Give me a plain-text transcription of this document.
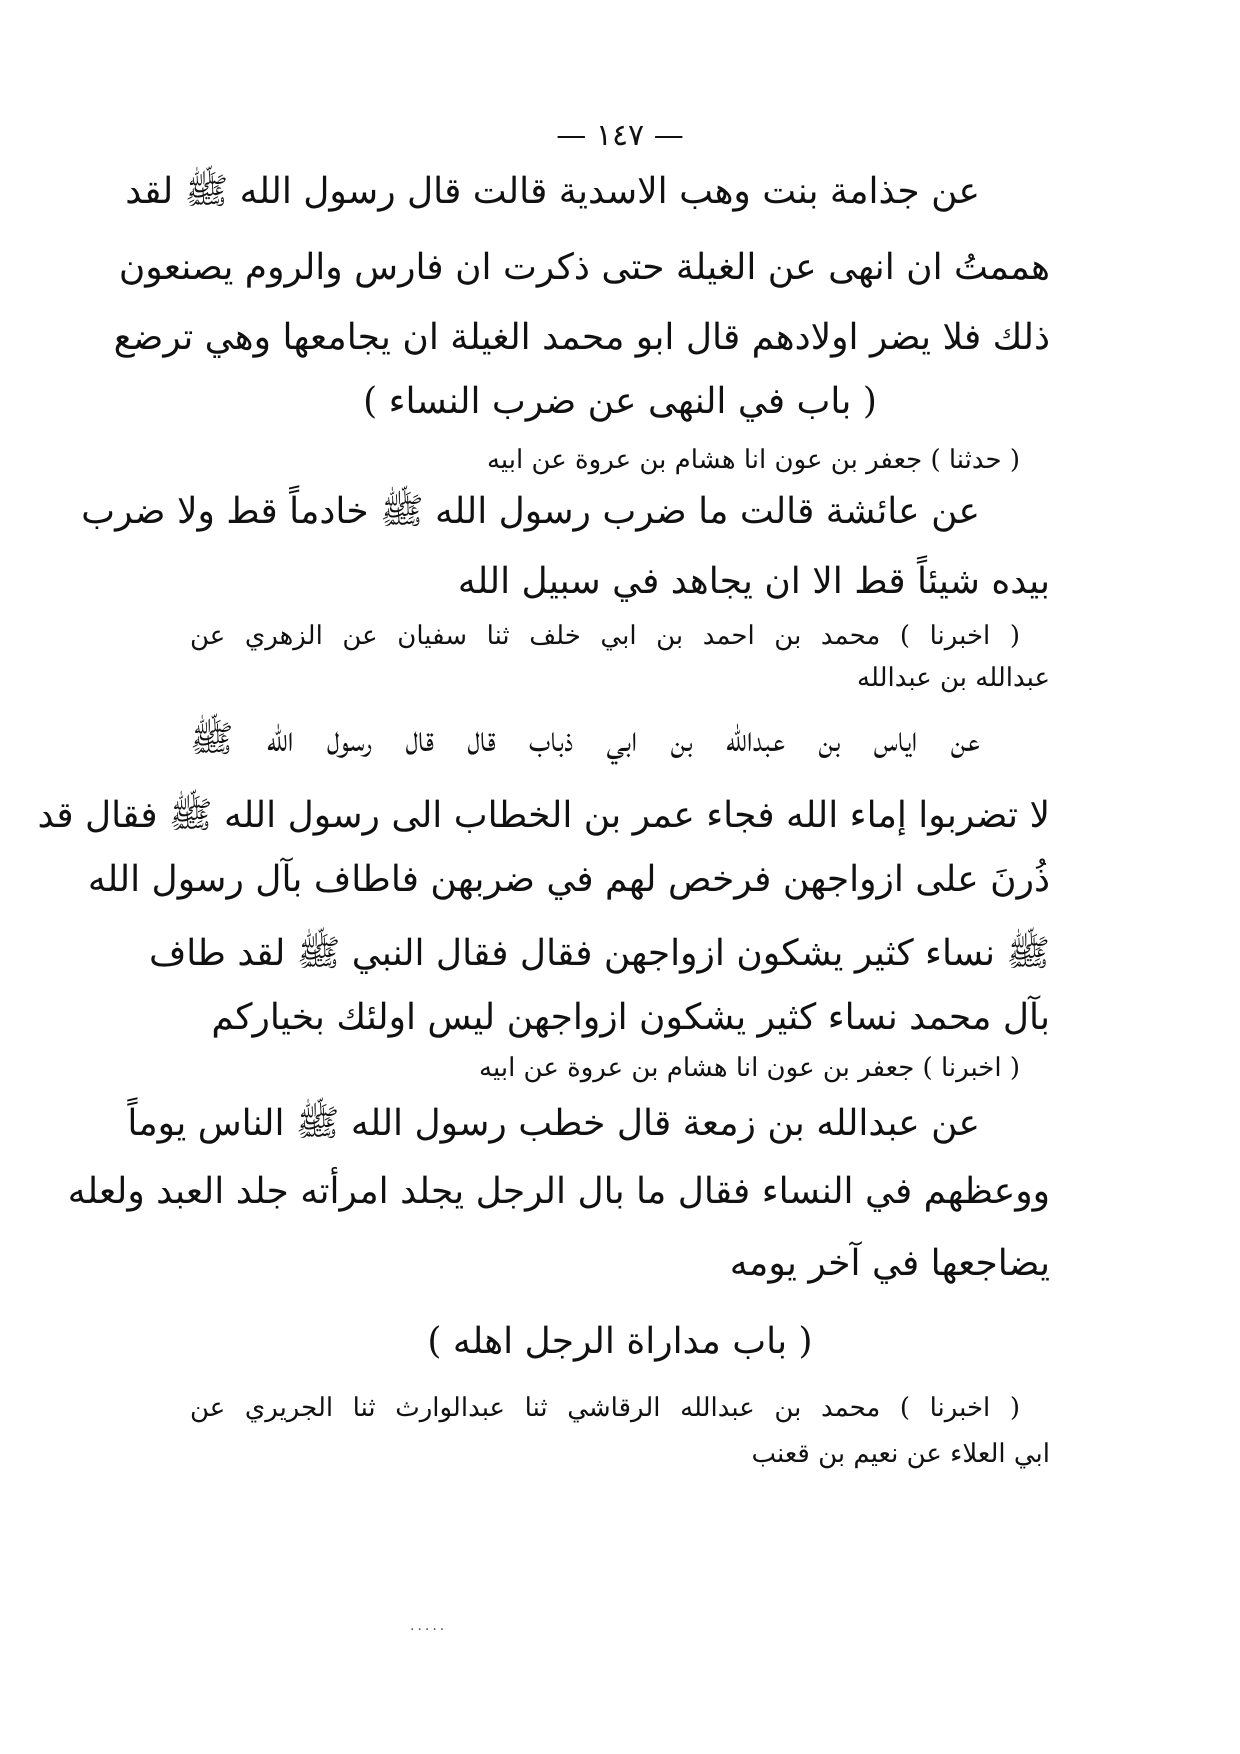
— ١٤٧ —
عن جذامة بنت وهب الاسدية قالت قال رسول الله ﷺ لقد
هممتُ ان انهى عن الغيلة حتى ذكرت ان فارس والروم يصنعون
ذلك فلا يضر اولادهم قال ابو محمد الغيلة ان يجامعها وهي ترضع
( باب في النهى عن ضرب النساء )
( حدثنا ) جعفر بن عون انا هشام بن عروة عن ابيه
عن عائشة قالت ما ضرب رسول الله ﷺ خادماً قط ولا ضرب
بيده شيئاً قط الا ان يجاهد في سبيل الله
( اخبرنا ) محمد بن احمد بن ابي خلف ثنا سفيان عن الزهري عن
عبدالله بن عبدالله
عن اياس بن عبدالله بن ابي ذباب قال قال رسول الله ﷺ
لا تضربوا إماء الله فجاء عمر بن الخطاب الى رسول الله ﷺ فقال قد
ذُرنَ على ازواجهن فرخص لهم في ضربهن فاطاف بآل رسول الله
ﷺ نساء كثير يشكون ازواجهن فقال فقال النبي ﷺ لقد طاف
بآل محمد نساء كثير يشكون ازواجهن ليس اولئك بخياركم
( اخبرنا ) جعفر بن عون انا هشام بن عروة عن ابيه
عن عبدالله بن زمعة قال خطب رسول الله ﷺ الناس يوماً
ووعظهم في النساء فقال ما بال الرجل يجلد امرأته جلد العبد ولعله
يضاجعها في آخر يومه
( باب مداراة الرجل اهله )
( اخبرنا ) محمد بن عبدالله الرقاشي ثنا عبدالوارث ثنا الجريري عن
ابي العلاء عن نعيم بن قعنب
.....
